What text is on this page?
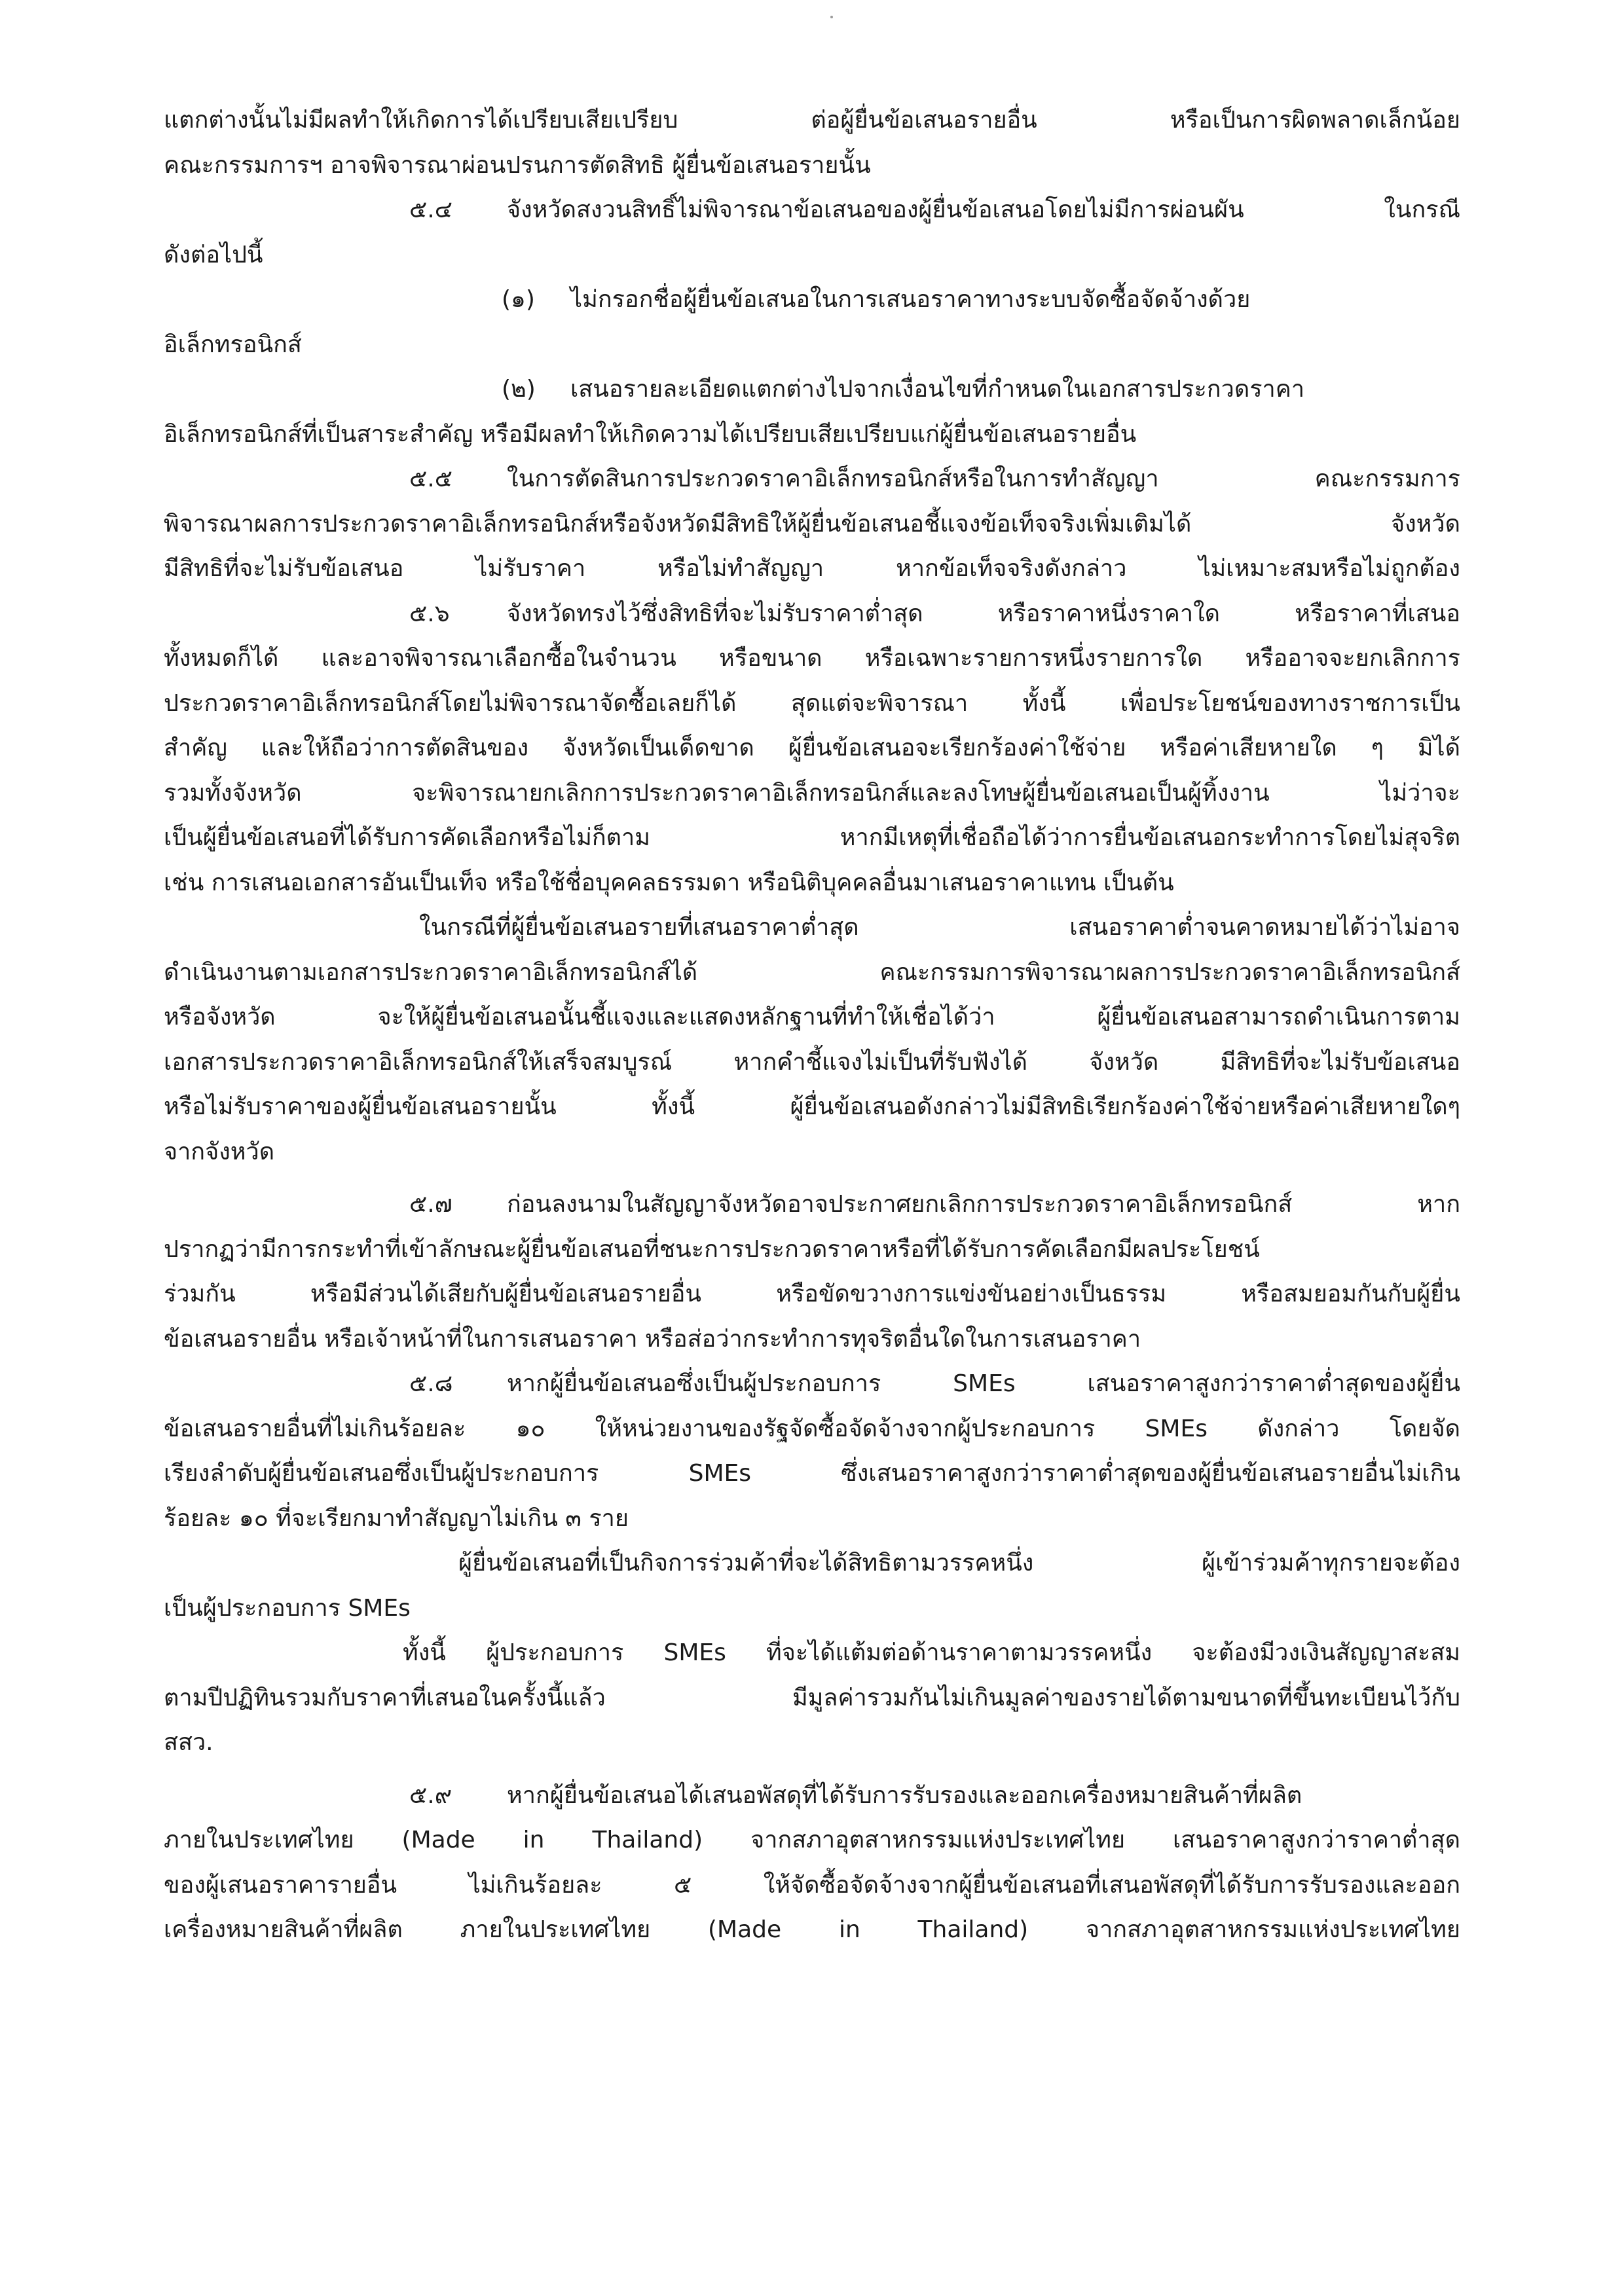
แตกต่างนั้นไม่มีผลทำให้เกิดการได้เปรียบเสียเปรียบ ต่อผู้ยื่นข้อเสนอรายอื่น หรือเป็นการผิดพลาดเล็กน้อย
คณะกรรมการฯ อาจพิจารณาผ่อนปรนการตัดสิทธิ ผู้ยื่นข้อเสนอรายนั้น
๕.๔ จังหวัดสงวนสิทธิ์ไม่พิจารณาข้อเสนอของผู้ยื่นข้อเสนอโดยไม่มีการผ่อนผัน ในกรณี
ดังต่อไปนี้
(๑) ไม่กรอกชื่อผู้ยื่นข้อเสนอในการเสนอราคาทางระบบจัดซื้อจัดจ้างด้วย
อิเล็กทรอนิกส์
(๒) เสนอรายละเอียดแตกต่างไปจากเงื่อนไขที่กำหนดในเอกสารประกวดราคา
อิเล็กทรอนิกส์ที่เป็นสาระสำคัญ หรือมีผลทำให้เกิดความได้เปรียบเสียเปรียบแก่ผู้ยื่นข้อเสนอรายอื่น
๕.๕ ในการตัดสินการประกวดราคาอิเล็กทรอนิกส์หรือในการทำสัญญา คณะกรรมการ
พิจารณาผลการประกวดราคาอิเล็กทรอนิกส์หรือจังหวัดมีสิทธิให้ผู้ยื่นข้อเสนอชี้แจงข้อเท็จจริงเพิ่มเติมได้ จังหวัด
มีสิทธิที่จะไม่รับข้อเสนอ ไม่รับราคา หรือไม่ทำสัญญา หากข้อเท็จจริงดังกล่าว ไม่เหมาะสมหรือไม่ถูกต้อง
๕.๖ จังหวัดทรงไว้ซึ่งสิทธิที่จะไม่รับราคาต่ำสุด หรือราคาหนึ่งราคาใด หรือราคาที่เสนอ
ทั้งหมดก็ได้ และอาจพิจารณาเลือกซื้อในจำนวน หรือขนาด หรือเฉพาะรายการหนึ่งรายการใด หรืออาจจะยกเลิกการ
ประกวดราคาอิเล็กทรอนิกส์โดยไม่พิจารณาจัดซื้อเลยก็ได้ สุดแต่จะพิจารณา ทั้งนี้ เพื่อประโยชน์ของทางราชการเป็น
สำคัญ และให้ถือว่าการตัดสินของ จังหวัดเป็นเด็ดขาด ผู้ยื่นข้อเสนอจะเรียกร้องค่าใช้จ่าย หรือค่าเสียหายใด ๆ มิได้
รวมทั้งจังหวัด จะพิจารณายกเลิกการประกวดราคาอิเล็กทรอนิกส์และลงโทษผู้ยื่นข้อเสนอเป็นผู้ทิ้งงาน ไม่ว่าจะ
เป็นผู้ยื่นข้อเสนอที่ได้รับการคัดเลือกหรือไม่ก็ตาม หากมีเหตุที่เชื่อถือได้ว่าการยื่นข้อเสนอกระทำการโดยไม่สุจริต
เช่น การเสนอเอกสารอันเป็นเท็จ หรือใช้ชื่อบุคคลธรรมดา หรือนิติบุคคลอื่นมาเสนอราคาแทน เป็นต้น
ในกรณีที่ผู้ยื่นข้อเสนอรายที่เสนอราคาต่ำสุด เสนอราคาต่ำจนคาดหมายได้ว่าไม่อาจ
ดำเนินงานตามเอกสารประกวดราคาอิเล็กทรอนิกส์ได้ คณะกรรมการพิจารณาผลการประกวดราคาอิเล็กทรอนิกส์
หรือจังหวัด จะให้ผู้ยื่นข้อเสนอนั้นชี้แจงและแสดงหลักฐานที่ทำให้เชื่อได้ว่า ผู้ยื่นข้อเสนอสามารถดำเนินการตาม
เอกสารประกวดราคาอิเล็กทรอนิกส์ให้เสร็จสมบูรณ์ หากคำชี้แจงไม่เป็นที่รับฟังได้ จังหวัด มีสิทธิที่จะไม่รับข้อเสนอ
หรือไม่รับราคาของผู้ยื่นข้อเสนอรายนั้น ทั้งนี้ ผู้ยื่นข้อเสนอดังกล่าวไม่มีสิทธิเรียกร้องค่าใช้จ่ายหรือค่าเสียหายใดๆ
จากจังหวัด
๕.๗ ก่อนลงนามในสัญญาจังหวัดอาจประกาศยกเลิกการประกวดราคาอิเล็กทรอนิกส์ หาก
ปรากฏว่ามีการกระทำที่เข้าลักษณะผู้ยื่นข้อเสนอที่ชนะการประกวดราคาหรือที่ได้รับการคัดเลือกมีผลประโยชน์
ร่วมกัน หรือมีส่วนได้เสียกับผู้ยื่นข้อเสนอรายอื่น หรือขัดขวางการแข่งขันอย่างเป็นธรรม หรือสมยอมกันกับผู้ยื่น
ข้อเสนอรายอื่น หรือเจ้าหน้าที่ในการเสนอราคา หรือส่อว่ากระทำการทุจริตอื่นใดในการเสนอราคา
๕.๘ หากผู้ยื่นข้อเสนอซึ่งเป็นผู้ประกอบการ SMEs เสนอราคาสูงกว่าราคาต่ำสุดของผู้ยื่น
ข้อเสนอรายอื่นที่ไม่เกินร้อยละ ๑๐ ให้หน่วยงานของรัฐจัดซื้อจัดจ้างจากผู้ประกอบการ SMEs ดังกล่าว โดยจัด
เรียงลำดับผู้ยื่นข้อเสนอซึ่งเป็นผู้ประกอบการ SMEs ซึ่งเสนอราคาสูงกว่าราคาต่ำสุดของผู้ยื่นข้อเสนอรายอื่นไม่เกิน
ร้อยละ ๑๐ ที่จะเรียกมาทำสัญญาไม่เกิน ๓ ราย
ผู้ยื่นข้อเสนอที่เป็นกิจการร่วมค้าที่จะได้สิทธิตามวรรคหนึ่ง ผู้เข้าร่วมค้าทุกรายจะต้อง
เป็นผู้ประกอบการ SMEs
ทั้งนี้ ผู้ประกอบการ SMEs ที่จะได้แต้มต่อด้านราคาตามวรรคหนึ่ง จะต้องมีวงเงินสัญญาสะสม
ตามปีปฏิทินรวมกับราคาที่เสนอในครั้งนี้แล้ว มีมูลค่ารวมกันไม่เกินมูลค่าของรายได้ตามขนาดที่ขึ้นทะเบียนไว้กับ
สสว.
๕.๙ หากผู้ยื่นข้อเสนอได้เสนอพัสดุที่ได้รับการรับรองและออกเครื่องหมายสินค้าที่ผลิต
ภายในประเทศไทย (Made in Thailand) จากสภาอุตสาหกรรมแห่งประเทศไทย เสนอราคาสูงกว่าราคาต่ำสุด
ของผู้เสนอราคารายอื่น ไม่เกินร้อยละ ๕ ให้จัดซื้อจัดจ้างจากผู้ยื่นข้อเสนอที่เสนอพัสดุที่ได้รับการรับรองและออก
เครื่องหมายสินค้าที่ผลิต ภายในประเทศไทย (Made in Thailand) จากสภาอุตสาหกรรมแห่งประเทศไทย
